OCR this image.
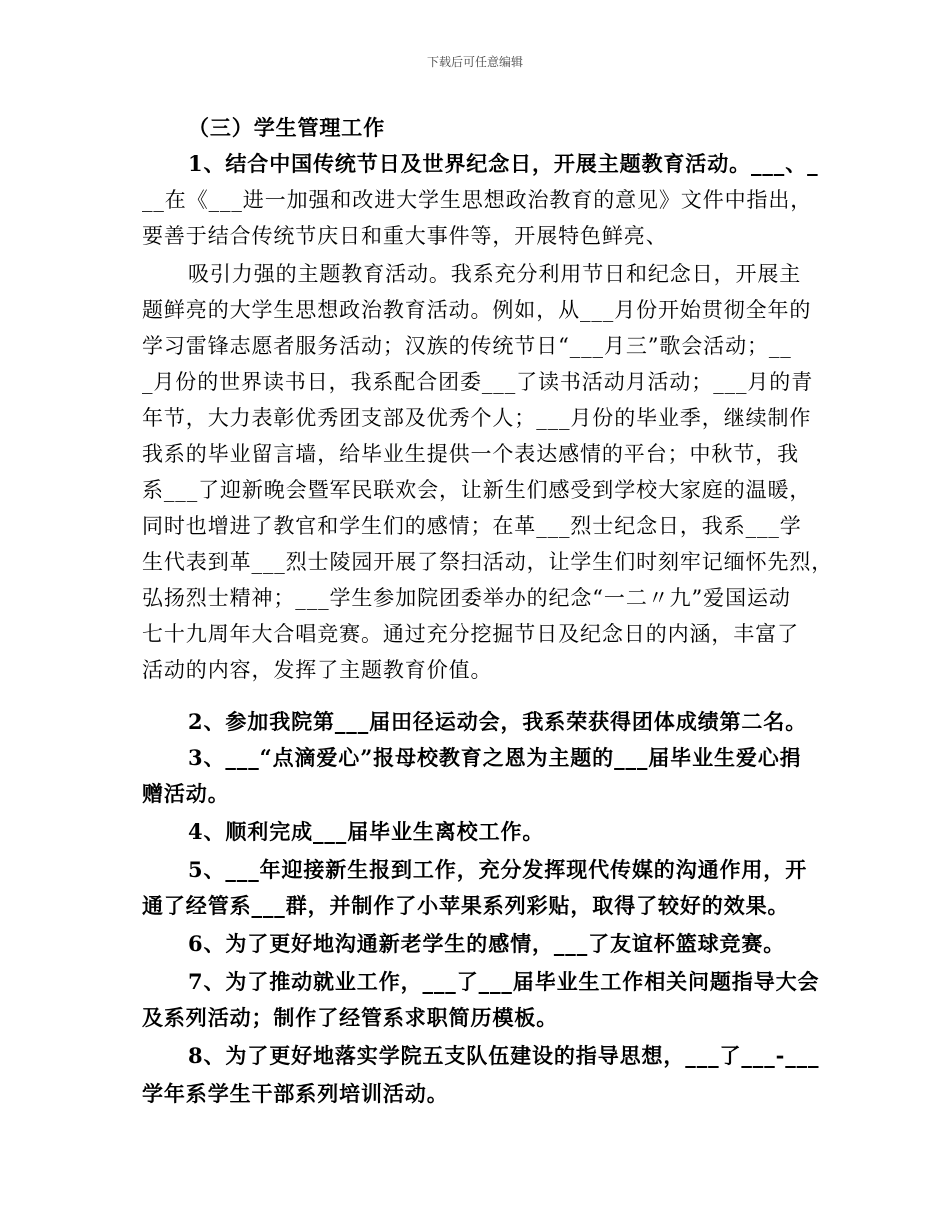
下载后可任意编辑
（三）学生管理工作
1、结合中国传统节日及世界纪念日，开展主题教育活动。___、_
__在《___进一加强和改进大学生思想政治教育的意见》文件中指出，
要善于结合传统节庆日和重大事件等，开展特色鲜亮、
吸引力强的主题教育活动。我系充分利用节日和纪念日，开展主
题鲜亮的大学生思想政治教育活动。例如，从___月份开始贯彻全年的
学习雷锋志愿者服务活动；汉族的传统节日“___月三”歌会活动；__
_月份的世界读书日，我系配合团委___了读书活动月活动；___月的青
年节，大力表彰优秀团支部及优秀个人；___月份的毕业季，继续制作
我系的毕业留言墙，给毕业生提供一个表达感情的平台；中秋节，我
系___了迎新晚会暨军民联欢会，让新生们感受到学校大家庭的温暖，
同时也增进了教官和学生们的感情；在革___烈士纪念日，我系___学
生代表到革___烈士陵园开展了祭扫活动，让学生们时刻牢记缅怀先烈，
弘扬烈士精神；___学生参加院团委举办的纪念“一二〃九”爱国运动
七十九周年大合唱竞赛。通过充分挖掘节日及纪念日的内涵，丰富了
活动的内容，发挥了主题教育价值。
2、参加我院第___届田径运动会，我系荣获得团体成绩第二名。
3、___“点滴爱心”报母校教育之恩为主题的___届毕业生爱心捐
赠活动。
4、顺利完成___届毕业生离校工作。
5、___年迎接新生报到工作，充分发挥现代传媒的沟通作用，开
通了经管系___群，并制作了小苹果系列彩贴，取得了较好的效果。
6、为了更好地沟通新老学生的感情，___了友谊杯篮球竞赛。
7、为了推动就业工作，___了___届毕业生工作相关问题指导大会
及系列活动；制作了经管系求职简历模板。
8、为了更好地落实学院五支队伍建设的指导思想，___了___-___
学年系学生干部系列培训活动。
